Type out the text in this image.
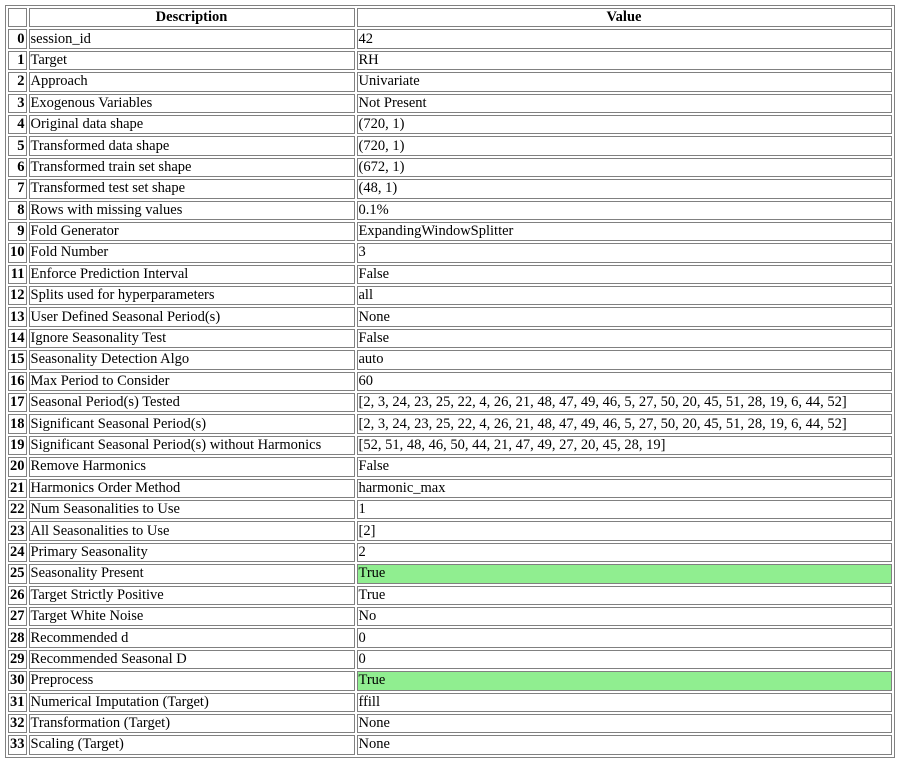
	Description	Value
0	session_id	42
1	Target	RH
2	Approach	Univariate
3	Exogenous Variables	Not Present
4	Original data shape	(720, 1)
5	Transformed data shape	(720, 1)
6	Transformed train set shape	(672, 1)
7	Transformed test set shape	(48, 1)
8	Rows with missing values	0.1%
9	Fold Generator	ExpandingWindowSplitter
10	Fold Number	3
11	Enforce Prediction Interval	False
12	Splits used for hyperparameters	all
13	User Defined Seasonal Period(s)	None
14	Ignore Seasonality Test	False
15	Seasonality Detection Algo	auto
16	Max Period to Consider	60
17	Seasonal Period(s) Tested	[2, 3, 24, 23, 25, 22, 4, 26, 21, 48, 47, 49, 46, 5, 27, 50, 20, 45, 51, 28, 19, 6, 44, 52]
18	Significant Seasonal Period(s)	[2, 3, 24, 23, 25, 22, 4, 26, 21, 48, 47, 49, 46, 5, 27, 50, 20, 45, 51, 28, 19, 6, 44, 52]
19	Significant Seasonal Period(s) without Harmonics	[52, 51, 48, 46, 50, 44, 21, 47, 49, 27, 20, 45, 28, 19]
20	Remove Harmonics	False
21	Harmonics Order Method	harmonic_max
22	Num Seasonalities to Use	1
23	All Seasonalities to Use	[2]
24	Primary Seasonality	2
25	Seasonality Present	True
26	Target Strictly Positive	True
27	Target White Noise	No
28	Recommended d	0
29	Recommended Seasonal D	0
30	Preprocess	True
31	Numerical Imputation (Target)	ffill
32	Transformation (Target)	None
33	Scaling (Target)	None
